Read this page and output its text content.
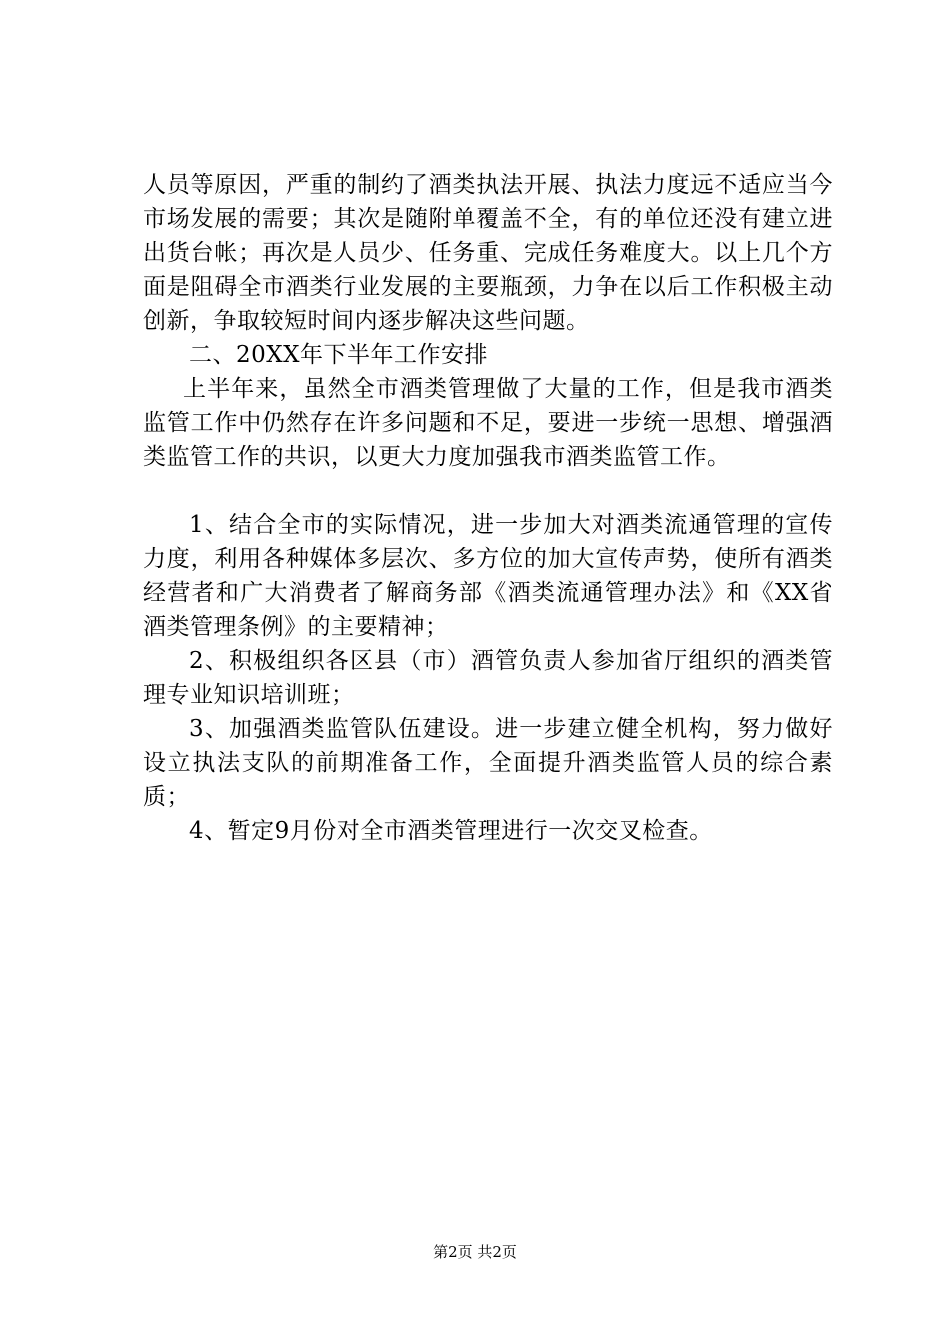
人员等原因，严重的制约了酒类执法开展、执法力度远不适应当今市场发展的需要；其次是随附单覆盖不全，有的单位还没有建立进出货台帐；再次是人员少、任务重、完成任务难度大。以上几个方面是阻碍全市酒类行业发展的主要瓶颈，力争在以后工作积极主动创新，争取较短时间内逐步解决这些问题。

二、20XX年下半年工作安排

上半年来，虽然全市酒类管理做了大量的工作，但是我市酒类监管工作中仍然存在许多问题和不足，要进一步统一思想、增强酒类监管工作的共识，以更大力度加强我市酒类监管工作。

1、结合全市的实际情况，进一步加大对酒类流通管理的宣传力度，利用各种媒体多层次、多方位的加大宣传声势，使所有酒类经营者和广大消费者了解商务部《酒类流通管理办法》和《XX省酒类管理条例》的主要精神；

2、积极组织各区县（市）酒管负责人参加省厅组织的酒类管理专业知识培训班；

3、加强酒类监管队伍建设。进一步建立健全机构，努力做好设立执法支队的前期准备工作，全面提升酒类监管人员的综合素质；

4、暂定9月份对全市酒类管理进行一次交叉检查。

第2页 共2页
